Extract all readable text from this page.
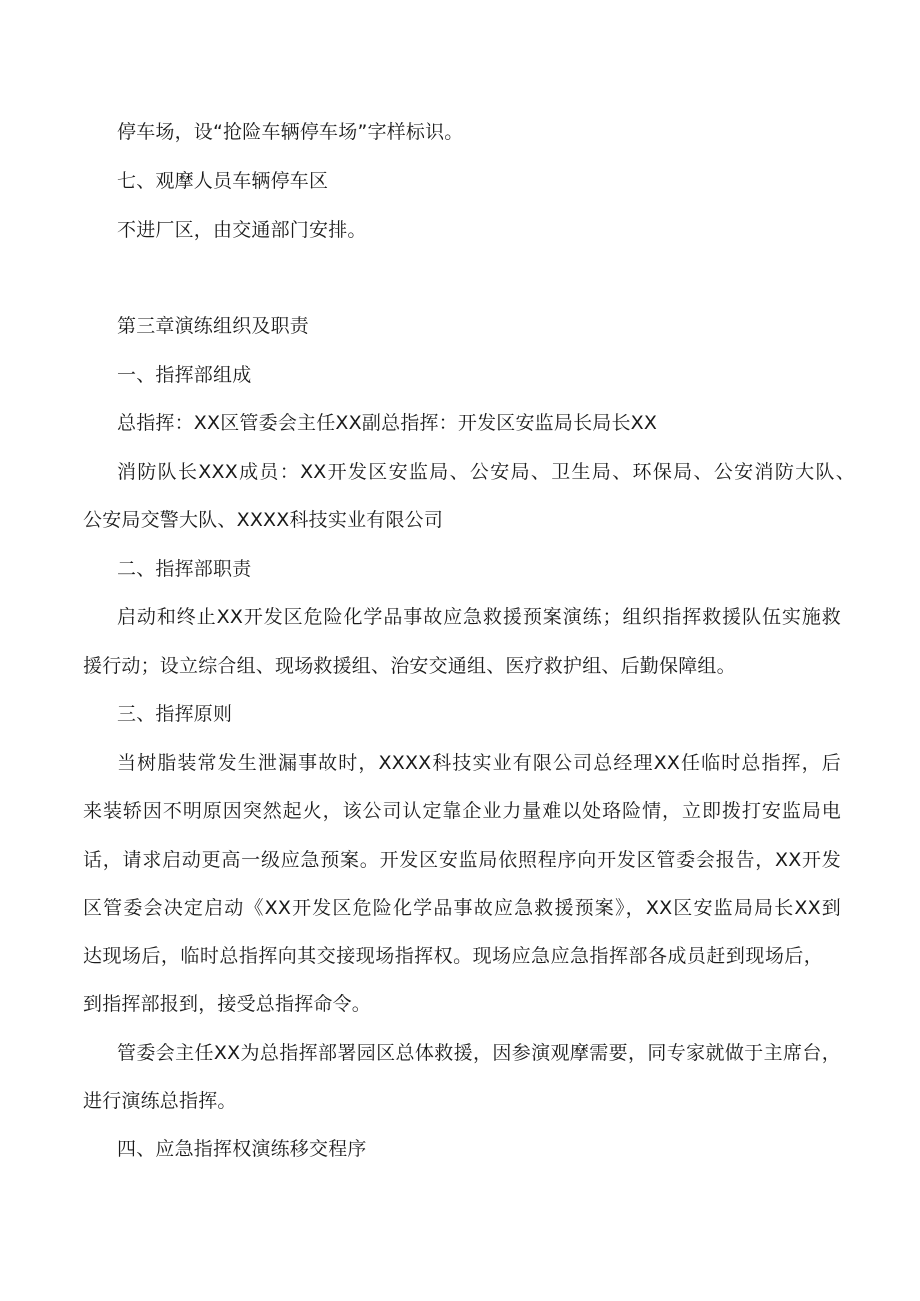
停车场，设“抢险车辆停车场”字样标识。
七、观摩人员车辆停车区
不进厂区，由交通部门安排。
第三章演练组织及职责
一、指挥部组成
总指挥：XX区管委会主任XX副总指挥：开发区安监局长局长XX
消防队长XXX成员：XX开发区安监局、公安局、卫生局、环保局、公安消防大队、
公安局交警大队、XXXX科技实业有限公司
二、指挥部职责
启动和终止XX开发区危险化学品事故应急救援预案演练；组织指挥救援队伍实施救
援行动；设立综合组、现场救援组、治安交通组、医疗救护组、后勤保障组。
三、指挥原则
当树脂装常发生泄漏事故时，XXXX科技实业有限公司总经理XX任临时总指挥，后
来装轿因不明原因突然起火，该公司认定靠企业力量难以处珞险情，立即拨打安监局电
话，请求启动更高一级应急预案。开发区安监局依照程序向开发区管委会报告，XX开发
区管委会决定启动《XX开发区危险化学品事故应急救援预案》，XX区安监局局长XX到
达现场后，临时总指挥向其交接现场指挥权。现场应急应急指挥部各成员赶到现场后，
到指挥部报到，接受总指挥命令。
管委会主任XX为总指挥部署园区总体救援，因参演观摩需要，同专家就做于主席台，
进行演练总指挥。
四、应急指挥权演练移交程序
